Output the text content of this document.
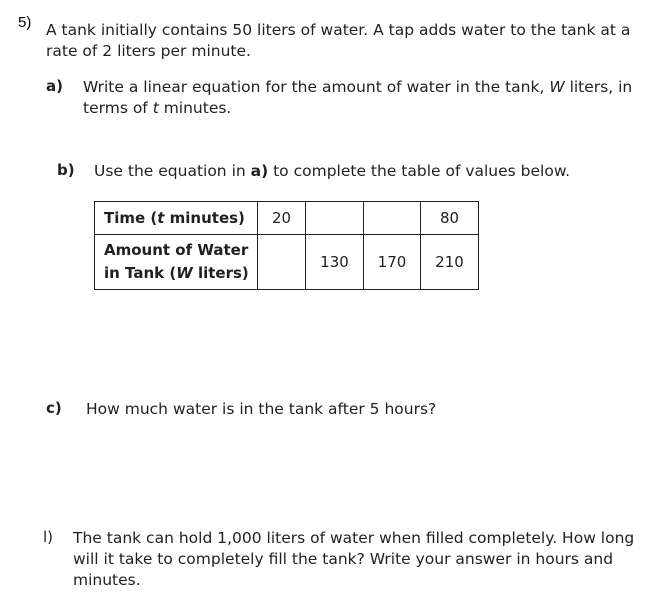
5) A tank initially contains 50 liters of water. A tap adds water to the tank at a rate of 2 liters per minute.
a) Write a linear equation for the amount of water in the tank, W liters, in terms of t minutes.
b) Use the equation in a) to complete the table of values below.
Time (t minutes)	20			80

Amount of Water
in Tank (W liters)		130	170	210
c) How much water is in the tank after 5 hours?
l) The tank can hold 1,000 liters of water when filled completely. How long will it take to completely fill the tank? Write your answer in hours and minutes.
